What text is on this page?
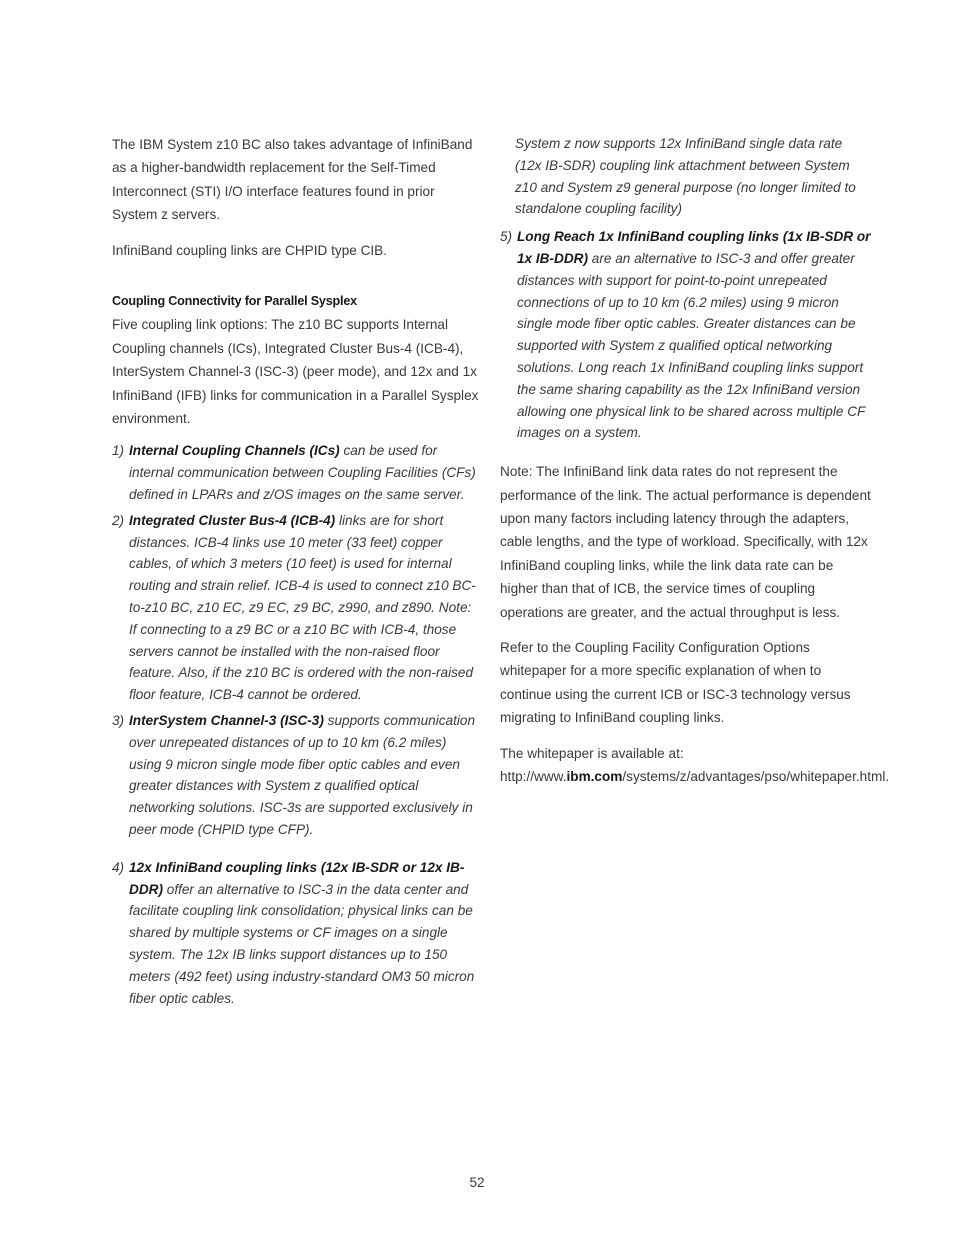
The IBM System z10 BC also takes advantage of InfiniBand as a higher-bandwidth replacement for the Self-Timed Interconnect (STI) I/O interface features found in prior System z servers.

InfiniBand coupling links are CHPID type CIB.

Coupling Connectivity for Parallel Sysplex

Five coupling link options: The z10 BC supports Internal Coupling channels (ICs), Integrated Cluster Bus-4 (ICB-4), InterSystem Channel-3 (ISC-3) (peer mode), and 12x and 1x InfiniBand (IFB) links for communication in a Parallel Sysplex environment.

1) Internal Coupling Channels (ICs) can be used for internal communication between Coupling Facilities (CFs) defined in LPARs and z/OS images on the same server.
2) Integrated Cluster Bus-4 (ICB-4) links are for short distances. ICB-4 links use 10 meter (33 feet) copper cables, of which 3 meters (10 feet) is used for internal routing and strain relief. ICB-4 is used to connect z10 BC-to-z10 BC, z10 EC, z9 EC, z9 BC, z990, and z890. Note: If connecting to a z9 BC or a z10 BC with ICB-4, those servers cannot be installed with the non-raised floor feature. Also, if the z10 BC is ordered with the non-raised floor feature, ICB-4 cannot be ordered.
3) InterSystem Channel-3 (ISC-3) supports communication over unrepeated distances of up to 10 km (6.2 miles) using 9 micron single mode fiber optic cables and even greater distances with System z qualified optical networking solutions. ISC-3s are supported exclusively in peer mode (CHPID type CFP).
4) 12x InfiniBand coupling links (12x IB-SDR or 12x IB-DDR) offer an alternative to ISC-3 in the data center and facilitate coupling link consolidation; physical links can be shared by multiple systems or CF images on a single system. The 12x IB links support distances up to 150 meters (492 feet) using industry-standard OM3 50 micron fiber optic cables.
System z now supports 12x InfiniBand single data rate (12x IB-SDR) coupling link attachment between System z10 and System z9 general purpose (no longer limited to standalone coupling facility)
5) Long Reach 1x InfiniBand coupling links (1x IB-SDR or 1x IB-DDR) are an alternative to ISC-3 and offer greater distances with support for point-to-point unrepeated connections of up to 10 km (6.2 miles) using 9 micron single mode fiber optic cables. Greater distances can be supported with System z qualified optical networking solutions. Long reach 1x InfiniBand coupling links support the same sharing capability as the 12x InfiniBand version allowing one physical link to be shared across multiple CF images on a system.

Note: The InfiniBand link data rates do not represent the performance of the link. The actual performance is dependent upon many factors including latency through the adapters, cable lengths, and the type of workload. Specifically, with 12x InfiniBand coupling links, while the link data rate can be higher than that of ICB, the service times of coupling operations are greater, and the actual throughput is less.

Refer to the Coupling Facility Configuration Options whitepaper for a more specific explanation of when to continue using the current ICB or ISC-3 technology versus migrating to InfiniBand coupling links.

The whitepaper is available at: http://www.ibm.com/systems/z/advantages/pso/whitepaper.html.

52
